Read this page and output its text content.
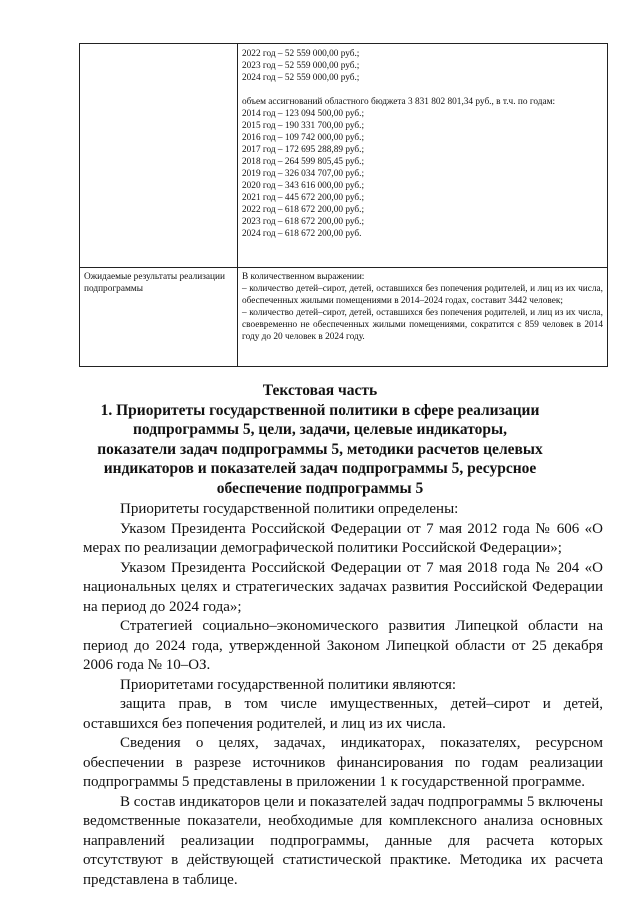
2022 год – 52 559 000,00 руб.;
2023 год – 52 559 000,00 руб.;
2024 год – 52 559 000,00 руб.;
объем ассигнований областного бюджета 3 831 802 801,34 руб., в т.ч. по годам:
2014 год – 123 094 500,00 руб.;
2015 год – 190 331 700,00 руб.;
2016 год – 109 742 000,00 руб.;
2017 год – 172 695 288,89 руб.;
2018 год – 264 599 805,45 руб.;
2019 год – 326 034 707,00 руб.;
2020 год – 343 616 000,00 руб.;
2021 год – 445 672 200,00 руб.;
2022 год – 618 672 200,00 руб.;
2023 год – 618 672 200,00 руб.;
2024 год – 618 672 200,00 руб.
Ожидаемые результаты реализации подпрограммы
В количественном выражении:
– количество детей–сирот, детей, оставшихся без попечения родителей, и лиц из их числа, обеспеченных жилыми помещениями в 2014–2024 годах, составит 3442 человек;
– количество детей–сирот, детей, оставшихся без попечения родителей, и лиц из их числа, своевременно не обеспеченных жилыми помещениями, сократится с 859 человек в 2014 году до 20 человек в 2024 году.
Текстовая часть
1. Приоритеты государственной политики в сфере реализации подпрограммы 5, цели, задачи, целевые индикаторы, показатели задач подпрограммы 5, методики расчетов целевых индикаторов и показателей задач подпрограммы 5, ресурсное обеспечение подпрограммы 5

Приоритеты государственной политики определены:

Указом Президента Российской Федерации от 7 мая 2012 года № 606 «О мерах по реализации демографической политики Российской Федерации»;

Указом Президента Российской Федерации от 7 мая 2018 года № 204 «О национальных целях и стратегических задачах развития Российской Федерации на период до 2024 года»;

Стратегией социально–экономического развития Липецкой области на период до 2024 года, утвержденной Законом Липецкой области от 25 декабря 2006 года № 10–ОЗ.

Приоритетами государственной политики являются:

защита прав, в том числе имущественных, детей–сирот и детей, оставшихся без попечения родителей, и лиц из их числа.

Сведения о целях, задачах, индикаторах, показателях, ресурсном обеспечении в разрезе источников финансирования по годам реализации подпрограммы 5 представлены в приложении 1 к государственной программе.

В состав индикаторов цели и показателей задач подпрограммы 5 включены ведомственные показатели, необходимые для комплексного анализа основных направлений реализации подпрограммы, данные для расчета которых отсутствуют в действующей статистической практике. Методика их расчета представлена в таблице.
